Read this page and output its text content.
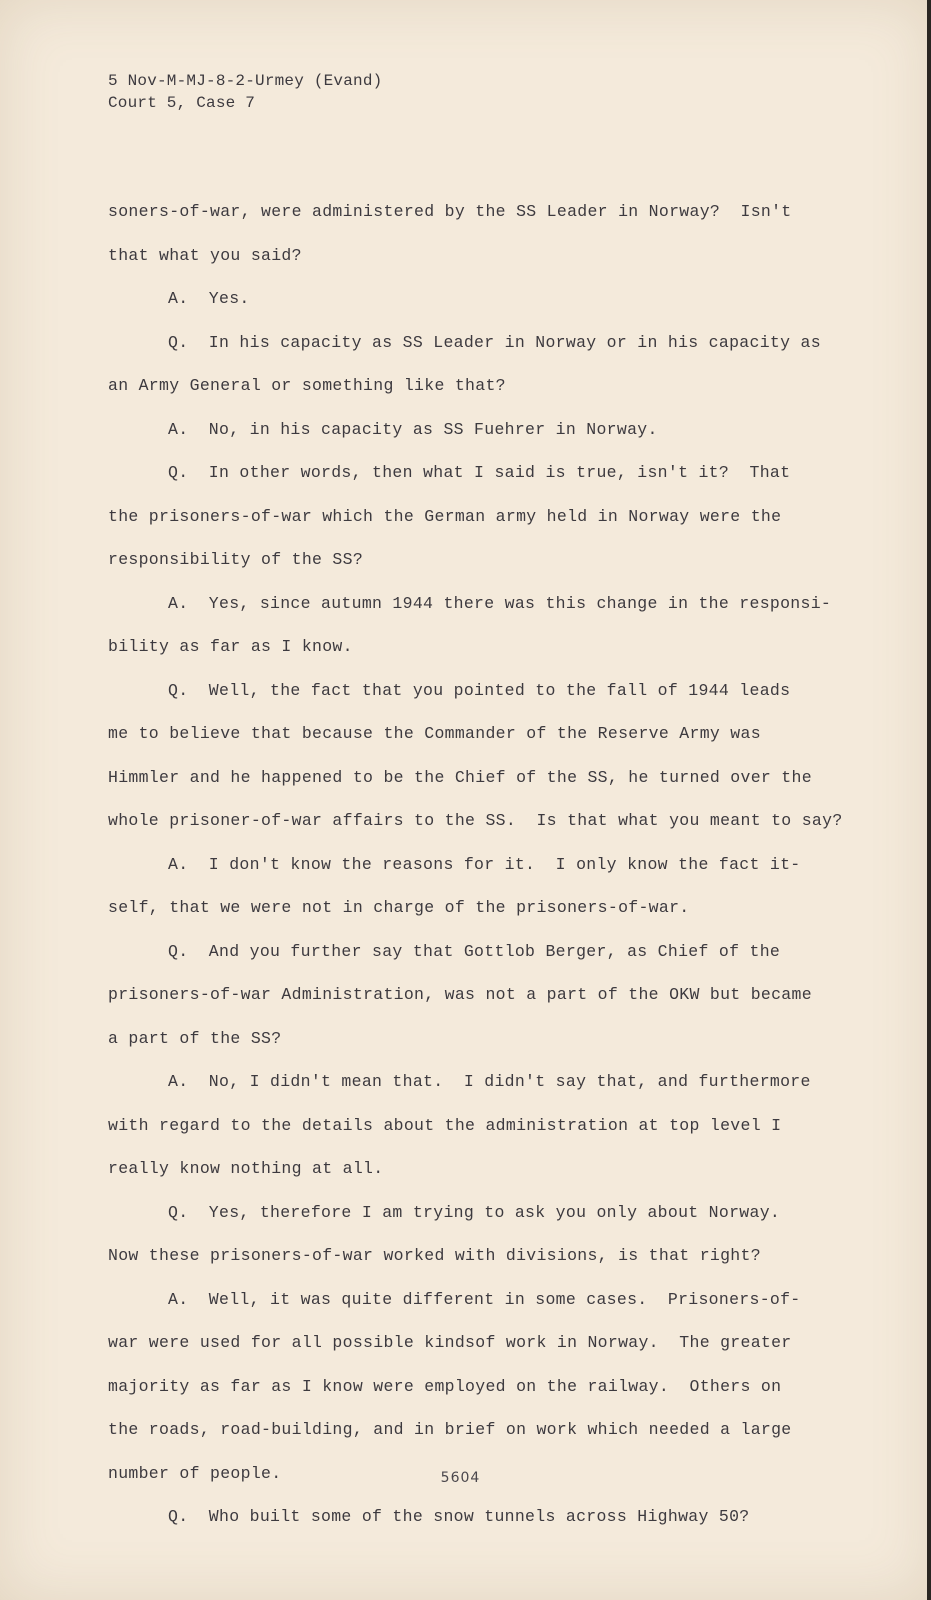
5 Nov-M-MJ-8-2-Urmey (Evand)
Court 5, Case 7
soners-of-war, were administered by the SS Leader in Norway?  Isn't
that what you said?
A.  Yes.
Q.  In his capacity as SS Leader in Norway or in his capacity as
an Army General or something like that?
A.  No, in his capacity as SS Fuehrer in Norway.
Q.  In other words, then what I said is true, isn't it?  That
the prisoners-of-war which the German army held in Norway were the
responsibility of the SS?
A.  Yes, since autumn 1944 there was this change in the responsi-
bility as far as I know.
Q.  Well, the fact that you pointed to the fall of 1944 leads
me to believe that because the Commander of the Reserve Army was
Himmler and he happened to be the Chief of the SS, he turned over the
whole prisoner-of-war affairs to the SS.  Is that what you meant to say?
A.  I don't know the reasons for it.  I only know the fact it-
self, that we were not in charge of the prisoners-of-war.
Q.  And you further say that Gottlob Berger, as Chief of the
prisoners-of-war Administration, was not a part of the OKW but became
a part of the SS?
A.  No, I didn't mean that.  I didn't say that, and furthermore
with regard to the details about the administration at top level I
really know nothing at all.
Q.  Yes, therefore I am trying to ask you only about Norway.
Now these prisoners-of-war worked with divisions, is that right?
A.  Well, it was quite different in some cases.  Prisoners-of-
war were used for all possible kindsof work in Norway.  The greater
majority as far as I know were employed on the railway.  Others on
the roads, road-building, and in brief on work which needed a large
number of people.
Q.  Who built some of the snow tunnels across Highway 50?
5604
